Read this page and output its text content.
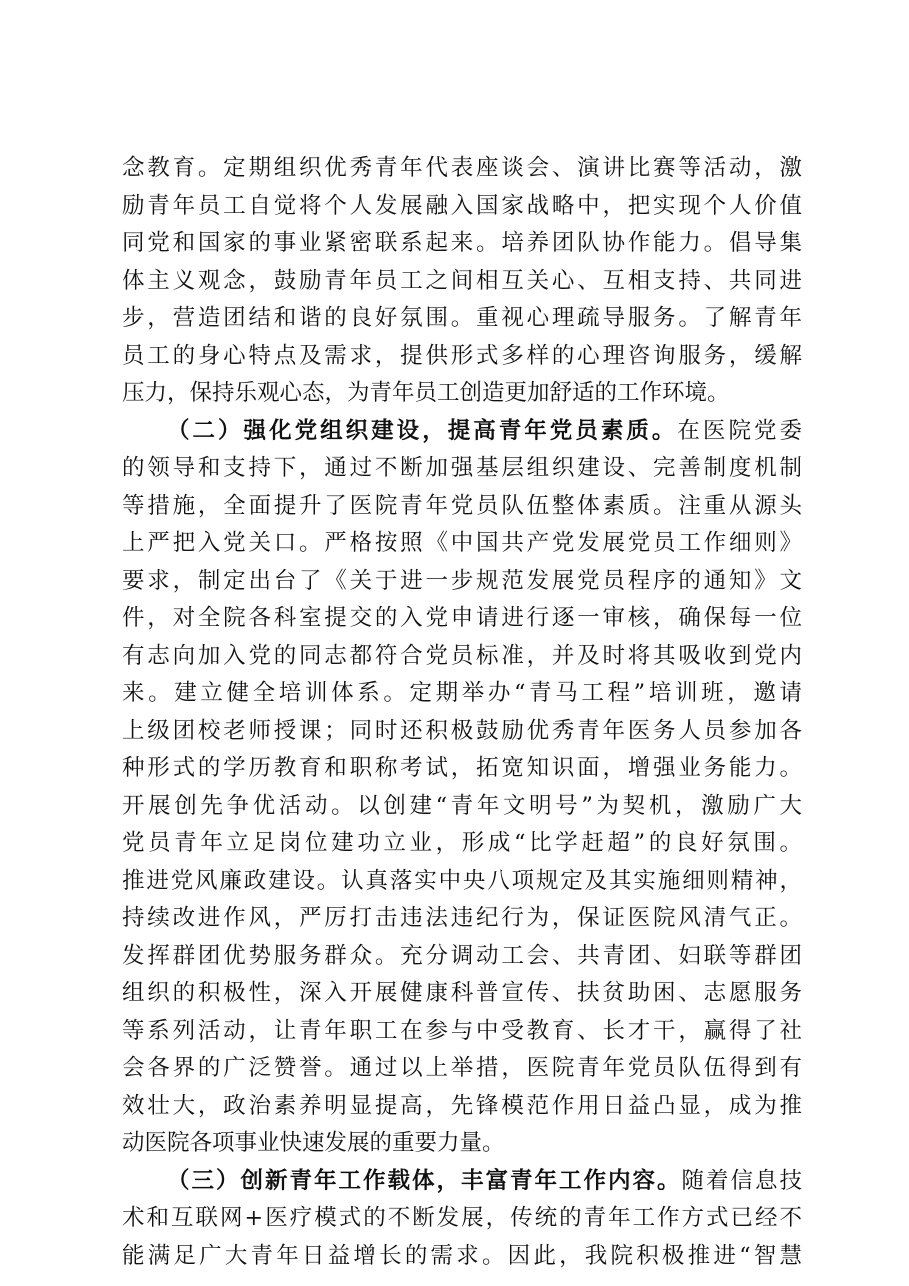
念教育。定期组织优秀青年代表座谈会、演讲比赛等活动，激
励青年员工自觉将个人发展融入国家战略中，把实现个人价值
同党和国家的事业紧密联系起来。培养团队协作能力。倡导集
体主义观念，鼓励青年员工之间相互关心、互相支持、共同进
步，营造团结和谐的良好氛围。重视心理疏导服务。了解青年
员工的身心特点及需求，提供形式多样的心理咨询服务，缓解
压力，保持乐观心态，为青年员工创造更加舒适的工作环境。
（二）强化党组织建设，提高青年党员素质。在医院党委
的领导和支持下，通过不断加强基层组织建设、完善制度机制
等措施，全面提升了医院青年党员队伍整体素质。注重从源头
上严把入党关口。严格按照《中国共产党发展党员工作细则》
要求，制定出台了《关于进一步规范发展党员程序的通知》文
件，对全院各科室提交的入党申请进行逐一审核，确保每一位
有志向加入党的同志都符合党员标准，并及时将其吸收到党内
来。建立健全培训体系。定期举办“青马工程”培训班，邀请
上级团校老师授课；同时还积极鼓励优秀青年医务人员参加各
种形式的学历教育和职称考试，拓宽知识面，增强业务能力。
开展创先争优活动。以创建“青年文明号”为契机，激励广大
党员青年立足岗位建功立业，形成“比学赶超”的良好氛围。
推进党风廉政建设。认真落实中央八项规定及其实施细则精神，
持续改进作风，严厉打击违法违纪行为，保证医院风清气正。
发挥群团优势服务群众。充分调动工会、共青团、妇联等群团
组织的积极性，深入开展健康科普宣传、扶贫助困、志愿服务
等系列活动，让青年职工在参与中受教育、长才干，赢得了社
会各界的广泛赞誉。通过以上举措，医院青年党员队伍得到有
效壮大，政治素养明显提高，先锋模范作用日益凸显，成为推
动医院各项事业快速发展的重要力量。
（三）创新青年工作载体，丰富青年工作内容。随着信息技
术和互联网+医疗模式的不断发展，传统的青年工作方式已经不
能满足广大青年日益增长的需求。因此，我院积极推进“智慧
